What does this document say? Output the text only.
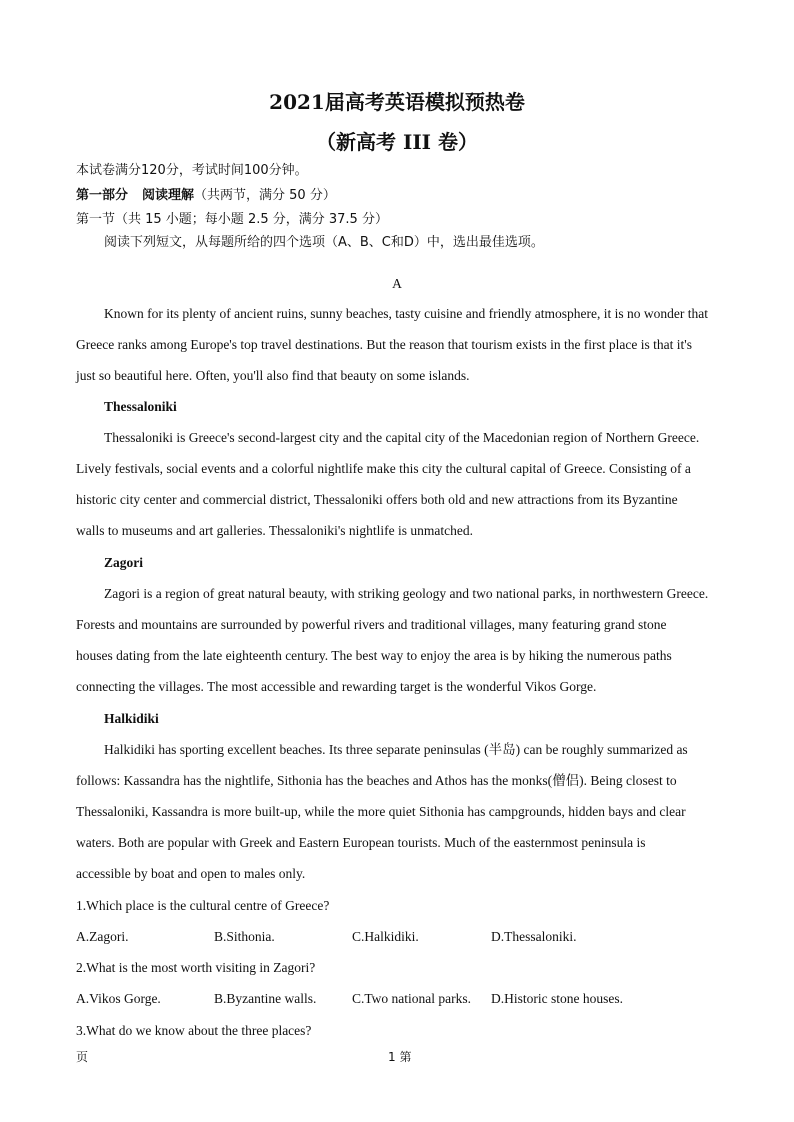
2021届高考英语模拟预热卷
（新高考 III 卷）
本试卷满分120分，考试时间100分钟。
第一部分 阅读理解（共两节，满分 50 分）
第一节（共 15 小题；每小题 2.5 分，满分 37.5 分）
阅读下列短文，从每题所给的四个选项（A、B、C和D）中，选出最佳选项。
A
Known for its plenty of ancient ruins, sunny beaches, tasty cuisine and friendly atmosphere, it is no wonder that
Greece ranks among Europe's top travel destinations. But the reason that tourism exists in the first place is that it's
just so beautiful here. Often, you'll also find that beauty on some islands.
Thessaloniki
Thessaloniki is Greece's second-largest city and the capital city of the Macedonian region of Northern Greece.
Lively festivals, social events and a colorful nightlife make this city the cultural capital of Greece. Consisting of a
historic city center and commercial district, Thessaloniki offers both old and new attractions from its Byzantine
walls to museums and art galleries. Thessaloniki's nightlife is unmatched.
Zagori
Zagori is a region of great natural beauty, with striking geology and two national parks, in northwestern Greece.
Forests and mountains are surrounded by powerful rivers and traditional villages, many featuring grand stone
houses dating from the late eighteenth century. The best way to enjoy the area is by hiking the numerous paths
connecting the villages. The most accessible and rewarding target is the wonderful Vikos Gorge.
Halkidiki
Halkidiki has sporting excellent beaches. Its three separate peninsulas (半岛) can be roughly summarized as
follows: Kassandra has the nightlife, Sithonia has the beaches and Athos has the monks(僧侣). Being closest to
Thessaloniki, Kassandra is more built-up, while the more quiet Sithonia has campgrounds, hidden bays and clear
waters. Both are popular with Greek and Eastern European tourists. Much of the easternmost peninsula is
accessible by boat and open to males only.
1.Which place is the cultural centre of Greece?
A.Zagori.	B.Sithonia.	C.Halkidiki.	D.Thessaloniki.
2.What is the most worth visiting in Zagori?
A.Vikos Gorge.	B.Byzantine walls.	C.Two national parks. D.Historic stone houses.
3.What do we know about the three places?
页	1 第
